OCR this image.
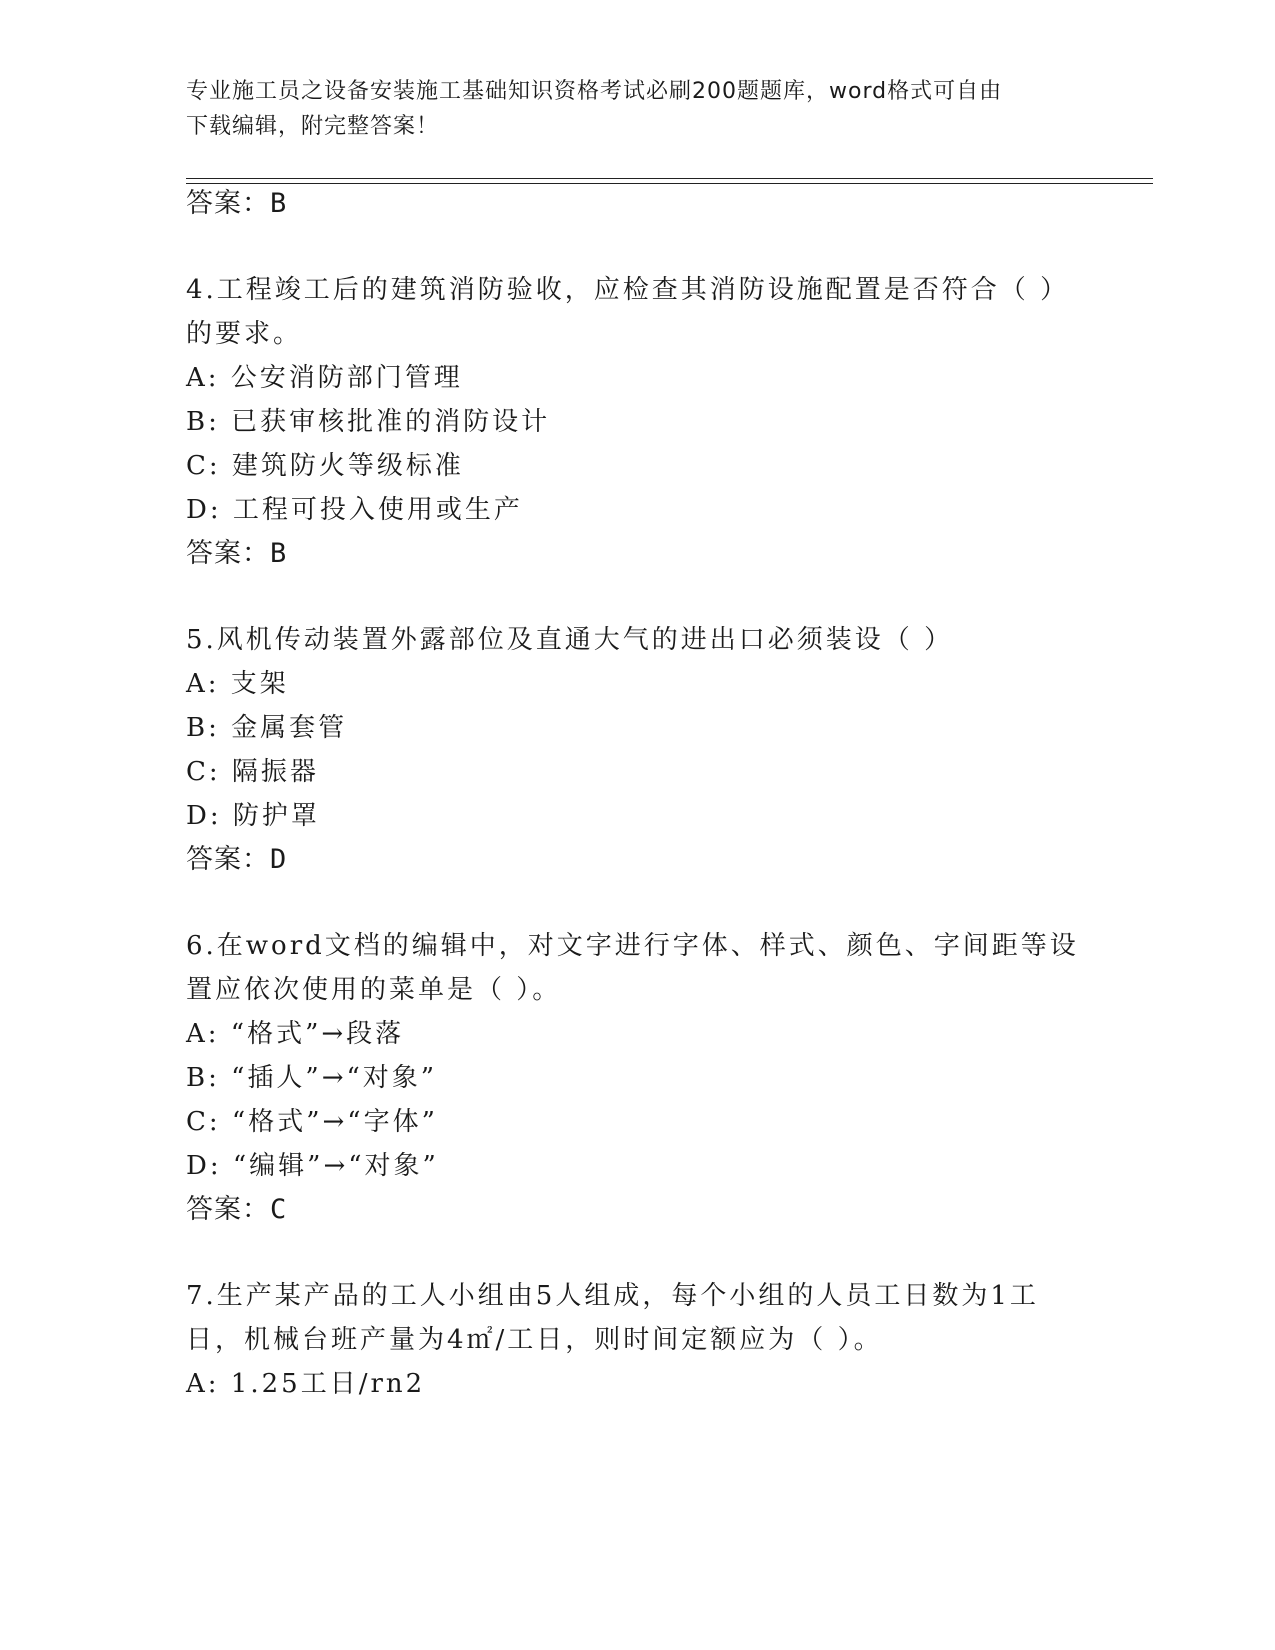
专业施工员之设备安装施工基础知识资格考试必刷200题题库，word格式可自由
下载编辑，附完整答案！
答案：B
4.工程竣工后的建筑消防验收，应检查其消防设施配置是否符合（ ）
的要求。
A: 公安消防部门管理
B: 已获审核批准的消防设计
C: 建筑防火等级标准
D: 工程可投入使用或生产
答案：B
5.风机传动装置外露部位及直通大气的进出口必须装设（ ）
A: 支架
B: 金属套管
C: 隔振器
D: 防护罩
答案：D
6.在word文档的编辑中，对文字进行字体、样式、颜色、字间距等设
置应依次使用的菜单是（ ）。
A: “格式”→段落
B: “插人”→“对象”
C: “格式”→“字体”
D: “编辑”→“对象”
答案：C
7.生产某产品的工人小组由5人组成，每个小组的人员工日数为1工
日，机械台班产量为4㎡/工日，则时间定额应为（ ）。
A: 1.25工日/rn2
